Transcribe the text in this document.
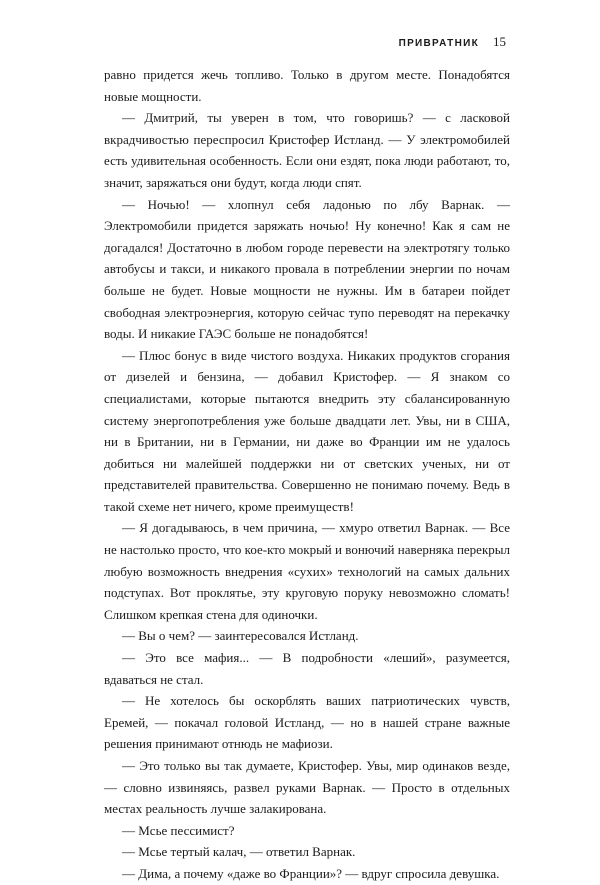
ПРИВРАТНИК 15

равно придется жечь топливо. Только в другом месте. Понадобятся новые мощности.

— Дмитрий, ты уверен в том, что говоришь? — с ласковой вкрадчивостью переспросил Кристофер Истланд. — У электромобилей есть удивительная особенность. Если они ездят, пока люди работают, то, значит, заряжаться они будут, когда люди спят.

— Ночью! — хлопнул себя ладонью по лбу Варнак. — Электромобили придется заряжать ночью! Ну конечно! Как я сам не догадался! Достаточно в любом городе перевести на электротягу только автобусы и такси, и никакого провала в потреблении энергии по ночам больше не будет. Новые мощности не нужны. Им в батареи пойдет свободная электроэнергия, которую сейчас тупо переводят на перекачку воды. И никакие ГАЭС больше не понадобятся!

— Плюс бонус в виде чистого воздуха. Никаких продуктов сгорания от дизелей и бензина, — добавил Кристофер. — Я знаком со специалистами, которые пытаются внедрить эту сбалансированную систему энергопотребления уже больше двадцати лет. Увы, ни в США, ни в Британии, ни в Германии, ни даже во Франции им не удалось добиться ни малейшей поддержки ни от светских ученых, ни от представителей правительства. Совершенно не понимаю почему. Ведь в такой схеме нет ничего, кроме преимуществ!

— Я догадываюсь, в чем причина, — хмуро ответил Варнак. — Все не настолько просто, что кое-кто мокрый и вонючий наверняка перекрыл любую возможность внедрения «сухих» технологий на самых дальних подступах. Вот проклятье, эту круговую поруку невозможно сломать! Слишком крепкая стена для одиночки.

— Вы о чем? — заинтересовался Истланд.

— Это все мафия... — В подробности «леший», разумеется, вдаваться не стал.

— Не хотелось бы оскорблять ваших патриотических чувств, Еремей, — покачал головой Истланд, — но в нашей стране важные решения принимают отнюдь не мафиози.

— Это только вы так думаете, Кристофер. Увы, мир одинаков везде, — словно извиняясь, развел руками Варнак. — Просто в отдельных местах реальность лучше залакирована.

— Мсье пессимист?

— Мсье тертый калач, — ответил Варнак.

— Дима, а почему «даже во Франции»? — вдруг спросила девушка.
